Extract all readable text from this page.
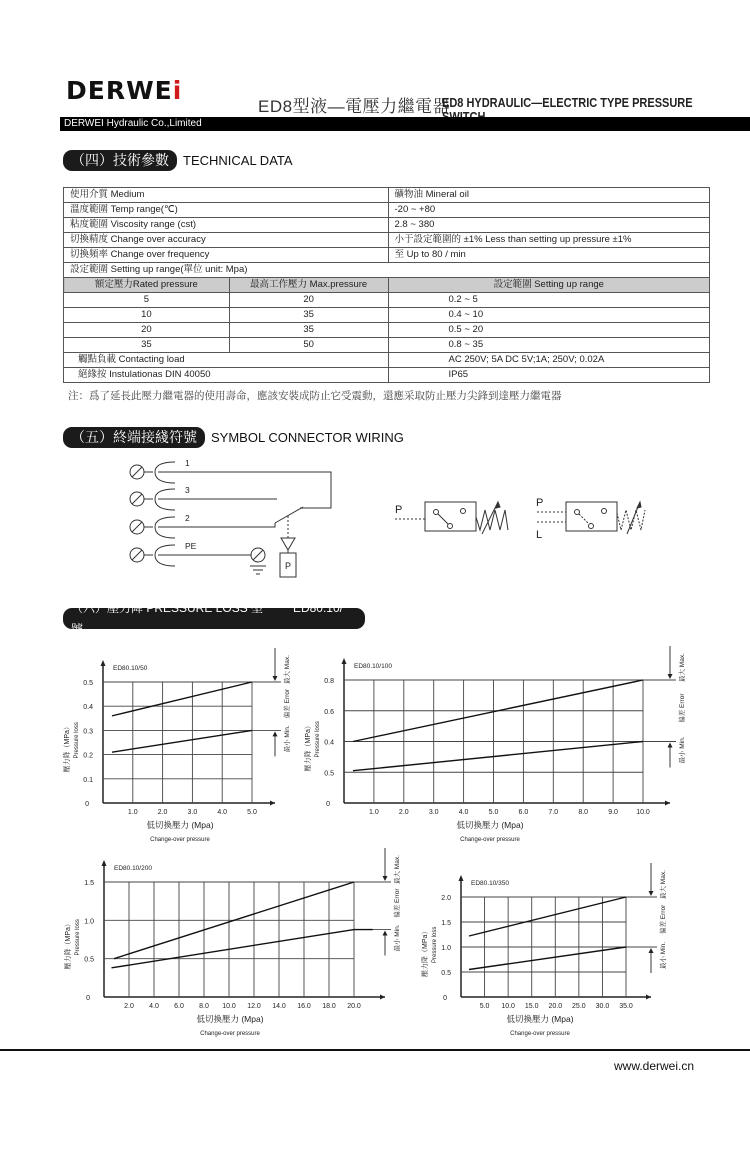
DERWEi
ED8型液—電壓力繼電器
ED8 HYDRAULIC—ELECTRIC TYPE PRESSURE
DERWEI Hydraulic Co.,Limited
（四）技術參數	TECHNICAL DATA
使用介質 Medium		礦物油 Mineral oil
溫度範圍 Temp range(℃)		-20 ~ +80
粘度範圍 Viscosity range (cst)		2.8 ~ 380
切換精度 Change over accuracy		小于設定範圍的 ±1% Less than setting up pressure ±1%
切換頻率 Change over frequency		至 Up to 80 / min
設定範圍 Setting up range(單位 unit: Mpa)		
額定壓力Rated pressure	最高工作壓力 Max.pressure	設定範圍 Setting up range
5	20	0.2 ~ 5
10	35	0.4 ~ 10
20	35	0.5 ~ 20
35	50	0.8 ~ 35
觸點負載 Contacting load		AC 250V; 5A DC 5V;1A; 250V; 0.02A
絕緣按 Instulationas DIN 40050		IP65
注：爲了延長此壓力繼電器的使用壽命，應該安裝成防止它受震動，還應采取防止壓力尖鋒到達壓力繼電器
（五）終端接綫符號	SYMBOL CONNECTOR WIRING
1
3
2
PE
P
P
P
L
（六）壓力降 PRESSURE LOSS 型號
ED80.10/ ···
1.0	2.0	3.0	4.0	5.0
0.1
0.2
0.3
0.4
0.5
0
最大 Max.
偏差 Error
最小 Min.
ED80.10/50
壓力降（MPa） Pressure loss
低切換壓力 (Mpa)
Change-over pressure
1.0	2.0	3.0	4.0	5.0	6.0	7.0	8.0	9.0	10.0
0.5
0.4
0.6
0.8
0
最大 Max.
偏差 Error
最小 Min.
ED80.10/100
壓力降（MPa） Pressure loss
低切換壓力 (Mpa)
Change-over pressure
2.0 4.0 6.0 8.0 10.0 12.0 14.0 16.0 18.0 20.0
0.5
1.0
1.5
0
最大 Max.
偏差 Error
最小 Min.
ED80.10/200
壓力降（MPa） Pressure loss
低切換壓力 (Mpa)
Change-over pressure
5.0 10.0 15.0 20.0 25.0 30.0 35.0
0.5
1.0
1.5
2.0
0
最大 Max.
偏差 Error
最小 Min.
ED80.10/350
壓力降（MPa） Pressure loss
低切換壓力 (Mpa)
Change-over pressure
www.derwei.cn
